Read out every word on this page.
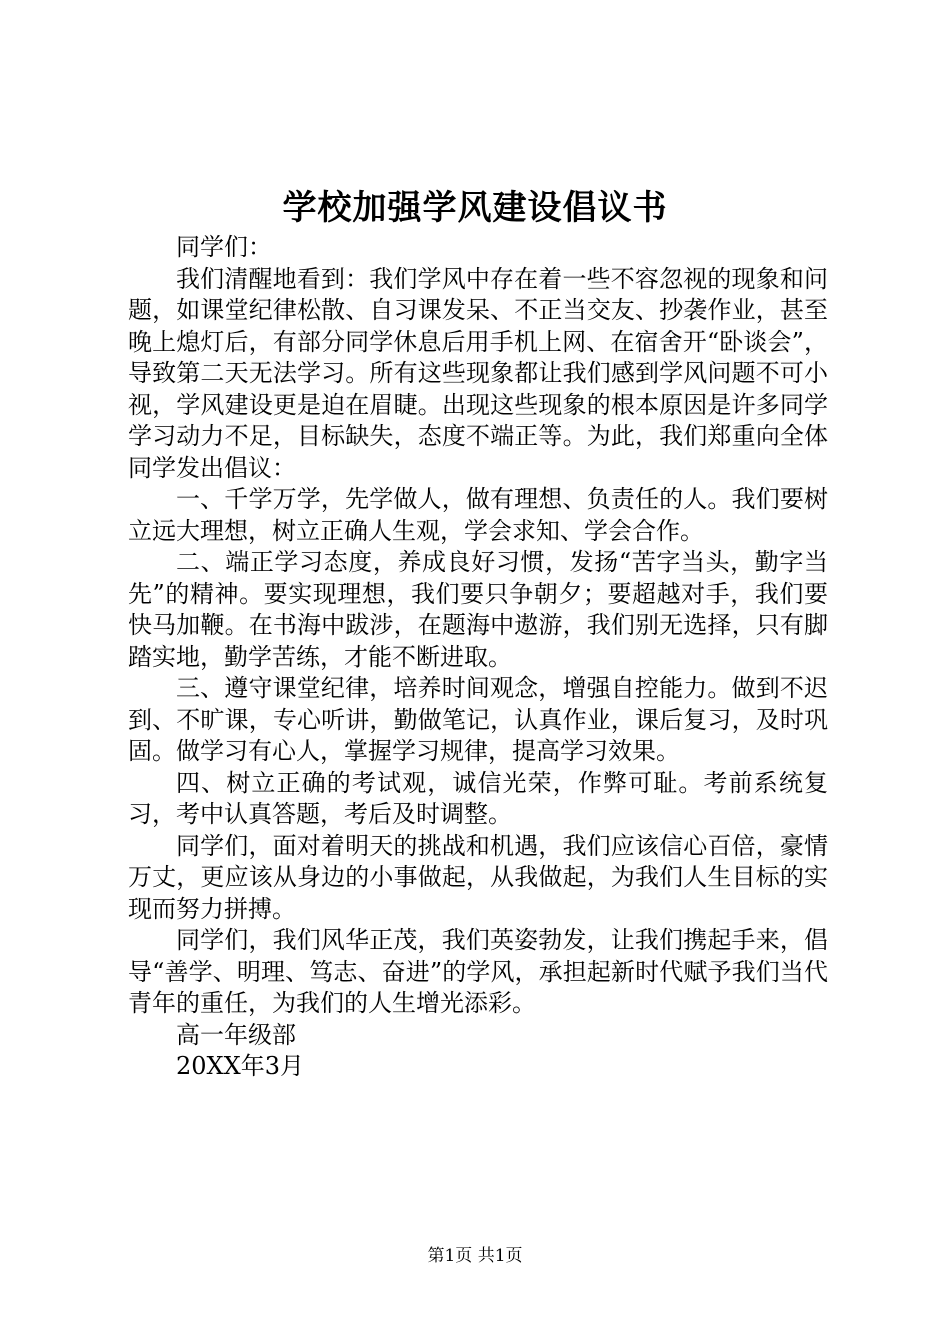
学校加强学风建设倡议书

同学们：

我们清醒地看到：我们学风中存在着一些不容忽视的现象和问题，如课堂纪律松散、自习课发呆、不正当交友、抄袭作业，甚至晚上熄灯后，有部分同学休息后用手机上网、在宿舍开“卧谈会”，导致第二天无法学习。所有这些现象都让我们感到学风问题不可小视，学风建设更是迫在眉睫。出现这些现象的根本原因是许多同学学习动力不足，目标缺失，态度不端正等。为此，我们郑重向全体同学发出倡议：

一、千学万学，先学做人，做有理想、负责任的人。我们要树立远大理想，树立正确人生观，学会求知、学会合作。

二、端正学习态度，养成良好习惯，发扬“苦字当头，勤字当先”的精神。要实现理想，我们要只争朝夕；要超越对手，我们要快马加鞭。在书海中跋涉，在题海中遨游，我们别无选择，只有脚踏实地，勤学苦练，才能不断进取。

三、遵守课堂纪律，培养时间观念，增强自控能力。做到不迟到、不旷课，专心听讲，勤做笔记，认真作业，课后复习，及时巩固。做学习有心人，掌握学习规律，提高学习效果。

四、树立正确的考试观，诚信光荣，作弊可耻。考前系统复习，考中认真答题，考后及时调整。

同学们，面对着明天的挑战和机遇，我们应该信心百倍，豪情万丈，更应该从身边的小事做起，从我做起，为我们人生目标的实现而努力拼搏。

同学们，我们风华正茂，我们英姿勃发，让我们携起手来，倡导“善学、明理、笃志、奋进”的学风，承担起新时代赋予我们当代青年的重任，为我们的人生增光添彩。

高一年级部

20XX年3月

第1页 共1页
